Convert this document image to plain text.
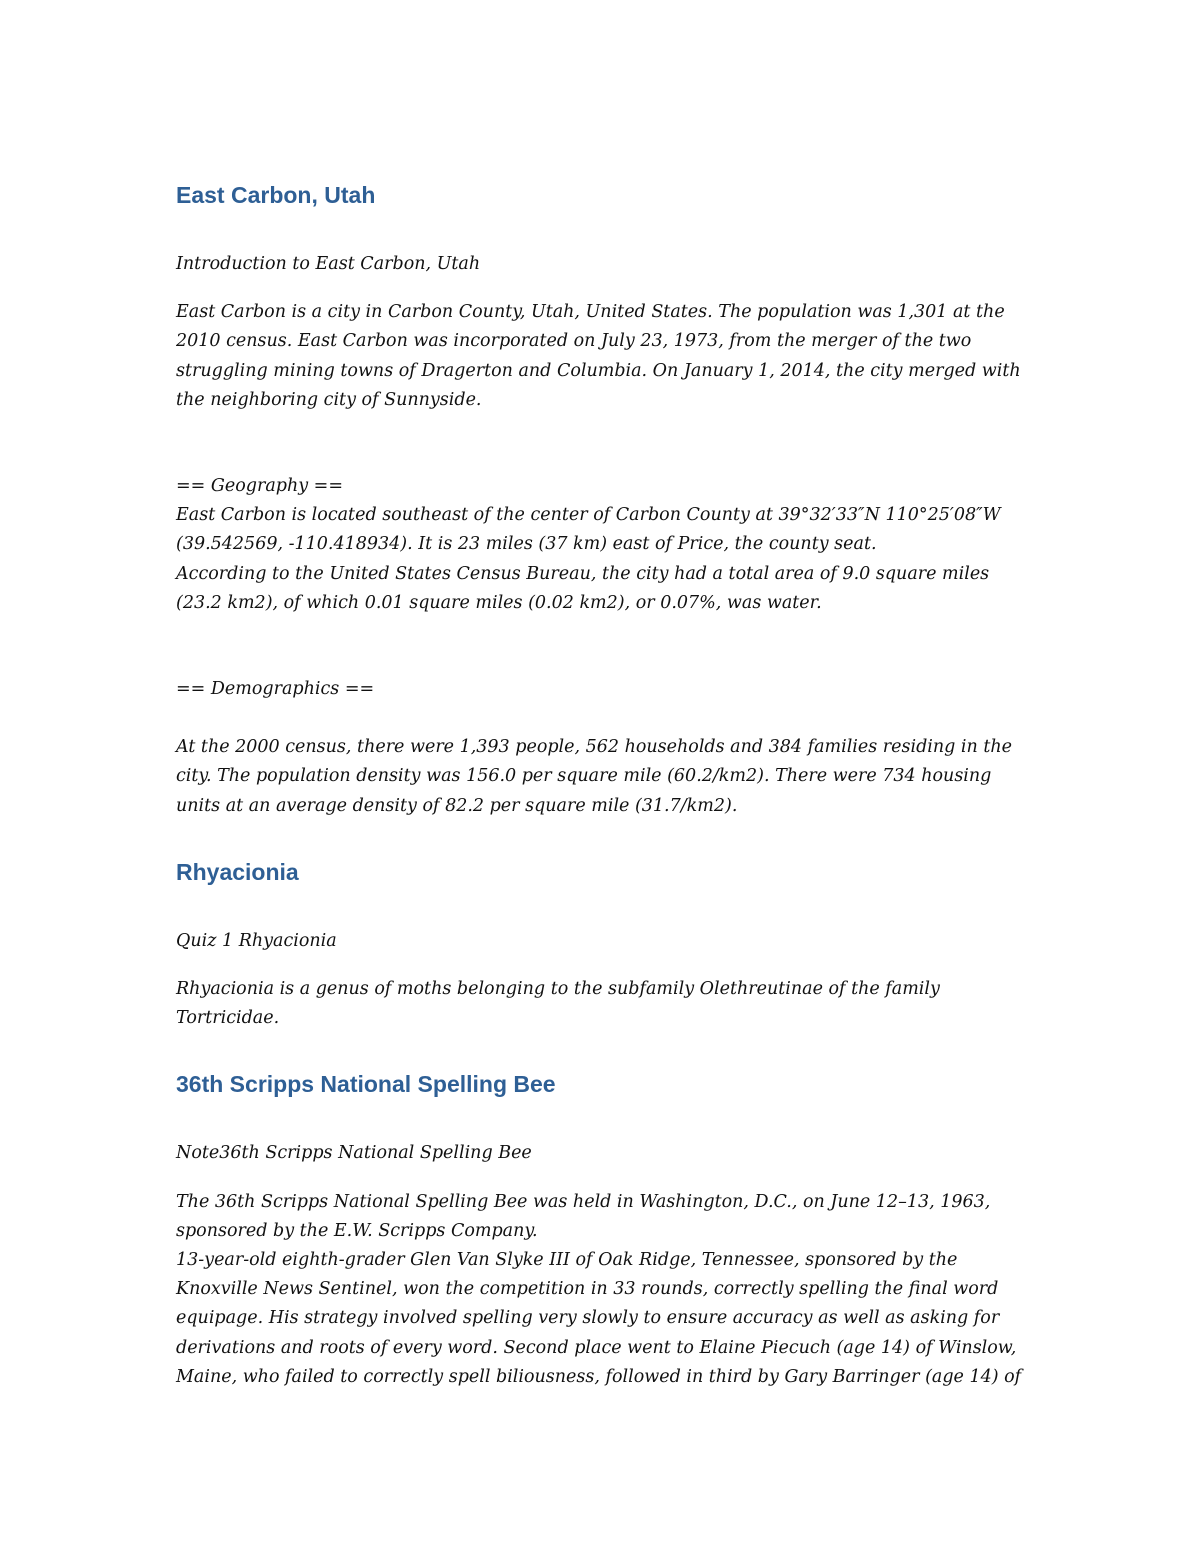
East Carbon, Utah

Introduction to East Carbon, Utah

East Carbon is a city in Carbon County, Utah, United States. The population was 1,301 at the
2010 census. East Carbon was incorporated on July 23, 1973, from the merger of the two
struggling mining towns of Dragerton and Columbia. On January 1, 2014, the city merged with
the neighboring city of Sunnyside.

== Geography ==
East Carbon is located southeast of the center of Carbon County at 39°32′33″N 110°25′08″W
(39.542569, -110.418934). It is 23 miles (37 km) east of Price, the county seat.
According to the United States Census Bureau, the city had a total area of 9.0 square miles
(23.2 km2), of which 0.01 square miles (0.02 km2), or 0.07%, was water.

== Demographics ==

At the 2000 census, there were 1,393 people, 562 households and 384 families residing in the
city. The population density was 156.0 per square mile (60.2/km2). There were 734 housing
units at an average density of 82.2 per square mile (31.7/km2).

Rhyacionia

Quiz 1 Rhyacionia

Rhyacionia is a genus of moths belonging to the subfamily Olethreutinae of the family
Tortricidae.

36th Scripps National Spelling Bee

Note36th Scripps National Spelling Bee

The 36th Scripps National Spelling Bee was held in Washington, D.C., on June 12–13, 1963,
sponsored by the E.W. Scripps Company.
13-year-old eighth-grader Glen Van Slyke III of Oak Ridge, Tennessee, sponsored by the
Knoxville News Sentinel, won the competition in 33 rounds, correctly spelling the final word
equipage. His strategy involved spelling very slowly to ensure accuracy as well as asking for
derivations and roots of every word. Second place went to Elaine Piecuch (age 14) of Winslow,
Maine, who failed to correctly spell biliousness, followed in third by Gary Barringer (age 14) of
